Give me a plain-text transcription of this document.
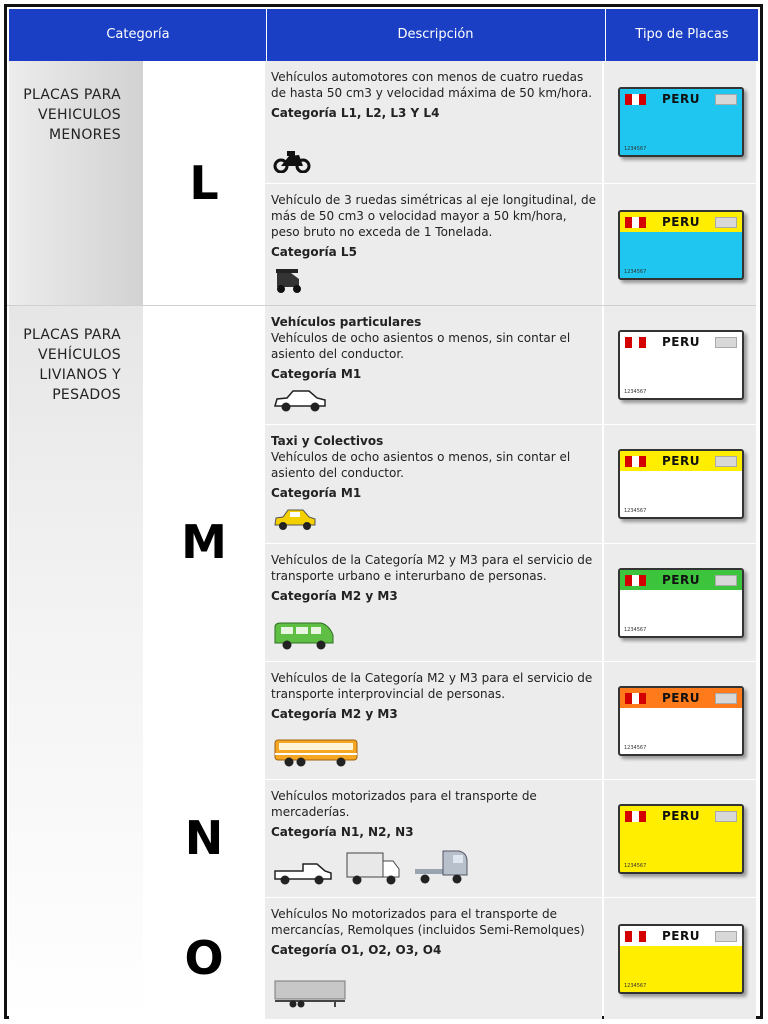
Categoría	Descripción	Tipo de Placas
PLACAS PARA VEHICULOS MENORES
PLACAS PARA VEHÍCULOS LIVIANOS Y PESADOS
L
M
N
O
Vehículos automotores con menos de cuatro ruedas de hasta 50 cm3 y velocidad máxima de 50 km/hora.
Categoría L1, L2, L3 Y L4
Vehículo de 3 ruedas simétricas al eje longitudinal, de más de 50 cm3 o velocidad mayor a 50 km/hora, peso bruto no exceda de 1 Tonelada.
Categoría L5
Vehículos particulares
Vehículos de ocho asientos o menos, sin contar el asiento del conductor.
Categoría M1
Taxi y Colectivos
Vehículos de ocho asientos o menos, sin contar el asiento del conductor.
Categoría M1
Vehículos de la Categoría M2 y M3 para el servicio de transporte urbano e interurbano de personas.
Categoría M2 y M3
Vehículos de la Categoría M2 y M3 para el servicio de transporte interprovincial de personas.
Categoría M2 y M3
Vehículos motorizados para el transporte de mercaderías.
Categoría N1, N2, N3
Vehículos No motorizados para el transporte de mercancías, Remolques (incluidos Semi-Remolques)
Categoría O1, O2, O3, O4
PERU
1234567
PERU
1234567
PERU
1234567
PERU
1234567
PERU
1234567
PERU
1234567
PERU
1234567
PERU
1234567
